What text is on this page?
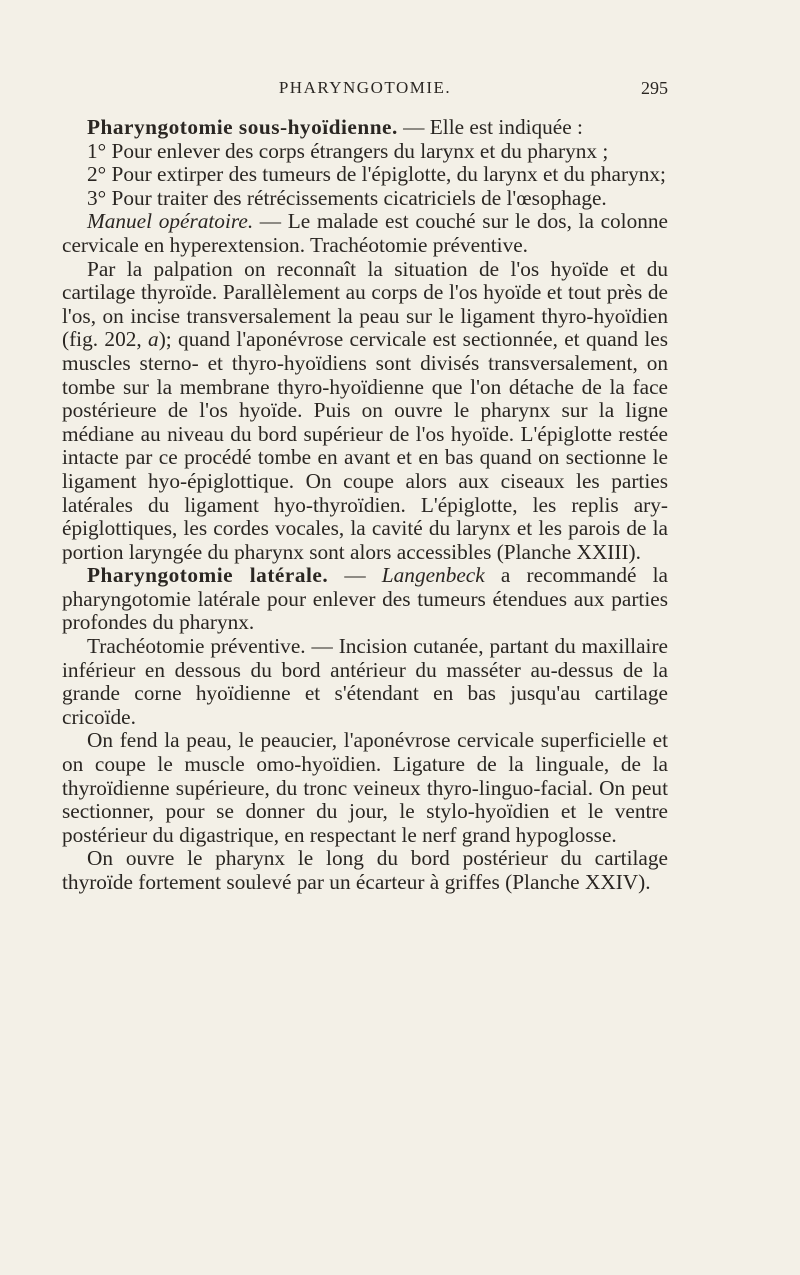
PHARYNGOTOMIE.	295

Pharyngotomie sous-hyoïdienne. — Elle est indiquée :

1° Pour enlever des corps étrangers du larynx et du pharynx ;

2° Pour extirper des tumeurs de l'épiglotte, du larynx et du pharynx;

3° Pour traiter des rétrécissements cicatriciels de l'œsophage.

Manuel opératoire. — Le malade est couché sur le dos, la colonne cervicale en hyperextension. Trachéotomie préventive.

Par la palpation on reconnaît la situation de l'os hyoïde et du cartilage thyroïde. Parallèlement au corps de l'os hyoïde et tout près de l'os, on incise transversalement la peau sur le ligament thyro-hyoïdien (fig. 202, a); quand l'aponévrose cervicale est sectionnée, et quand les muscles sterno- et thyro-hyoïdiens sont divisés transversalement, on tombe sur la membrane thyro-hyoïdienne que l'on détache de la face postérieure de l'os hyoïde. Puis on ouvre le pharynx sur la ligne médiane au niveau du bord supérieur de l'os hyoïde. L'épiglotte restée intacte par ce procédé tombe en avant et en bas quand on sectionne le ligament hyo-épiglottique. On coupe alors aux ciseaux les parties latérales du ligament hyo-thyroïdien. L'épiglotte, les replis ary-épiglottiques, les cordes vocales, la cavité du larynx et les parois de la portion laryngée du pharynx sont alors accessibles (Planche XXIII).

Pharyngotomie latérale. — Langenbeck a recommandé la pharyngotomie latérale pour enlever des tumeurs étendues aux parties profondes du pharynx.

Trachéotomie préventive. — Incision cutanée, partant du maxillaire inférieur en dessous du bord antérieur du masséter au-dessus de la grande corne hyoïdienne et s'étendant en bas jusqu'au cartilage cricoïde.

On fend la peau, le peaucier, l'aponévrose cervicale superficielle et on coupe le muscle omo-hyoïdien. Ligature de la linguale, de la thyroïdienne supérieure, du tronc veineux thyro-linguo-facial. On peut sectionner, pour se donner du jour, le stylo-hyoïdien et le ventre postérieur du digastrique, en respectant le nerf grand hypoglosse.

On ouvre le pharynx le long du bord postérieur du cartilage thyroïde fortement soulevé par un écarteur à griffes (Planche XXIV).
